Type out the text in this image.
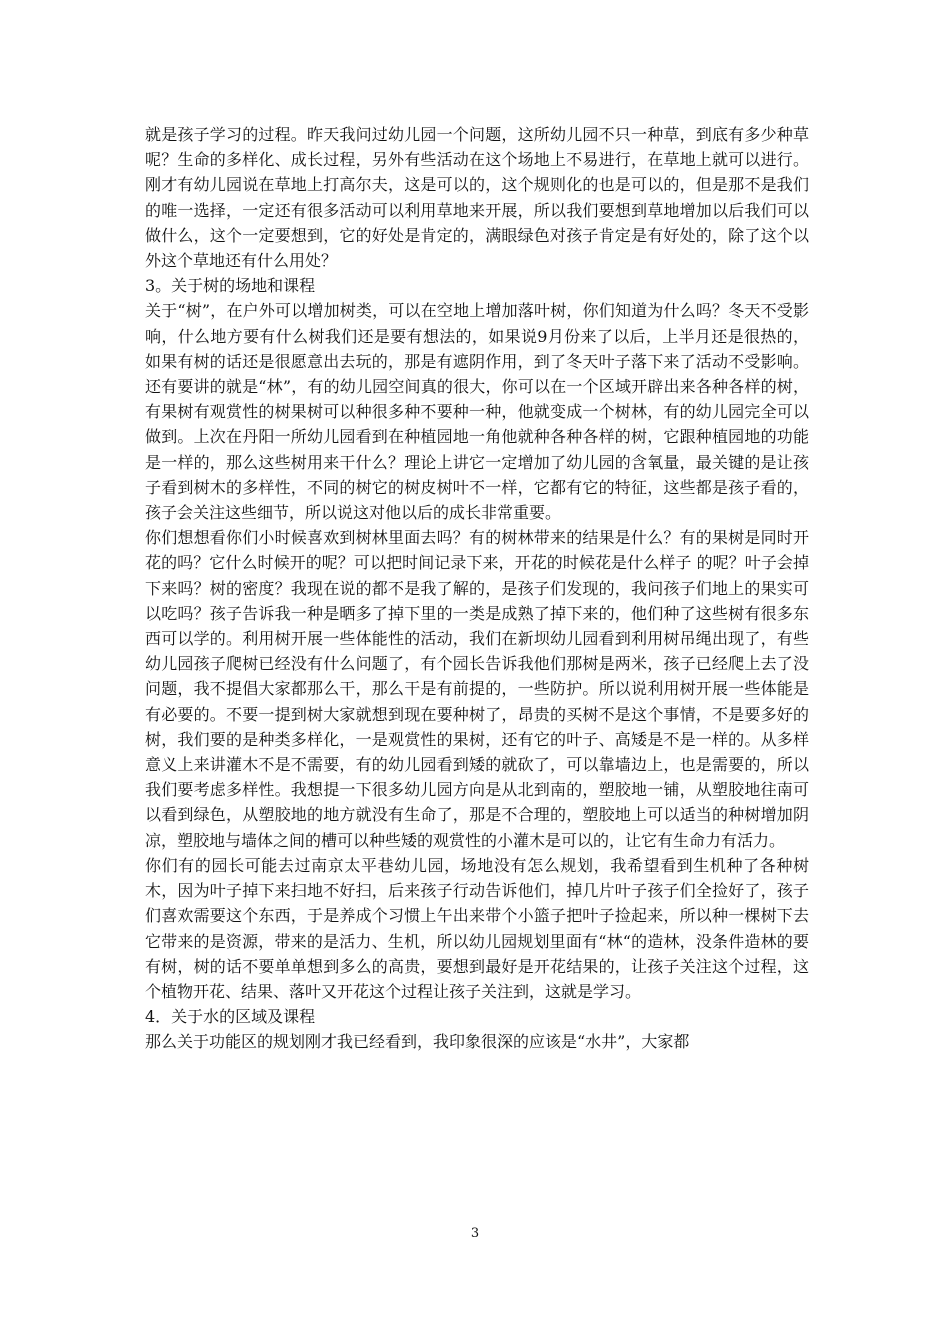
就是孩子学习的过程。昨天我问过幼儿园一个问题，这所幼儿园不只一种草，到底有多少种草呢？生命的多样化、成长过程，另外有些活动在这个场地上不易进行，在草地上就可以进行。刚才有幼儿园说在草地上打高尔夫，这是可以的，这个规则化的也是可以的，但是那不是我们的唯一选择，一定还有很多活动可以利用草地来开展，所以我们要想到草地增加以后我们可以做什么，这个一定要想到，它的好处是肯定的，满眼绿色对孩子肯定是有好处的，除了这个以外这个草地还有什么用处？

3。关于树的场地和课程

关于“树”，在户外可以增加树类，可以在空地上增加落叶树，你们知道为什么吗？冬天不受影响，什么地方要有什么树我们还是要有想法的，如果说9月份来了以后，上半月还是很热的，如果有树的话还是很愿意出去玩的，那是有遮阴作用，到了冬天叶子落下来了活动不受影响。还有要讲的就是“林”，有的幼儿园空间真的很大，你可以在一个区域开辟出来各种各样的树，有果树有观赏性的树果树可以种很多种不要种一种，他就变成一个树林，有的幼儿园完全可以做到。上次在丹阳一所幼儿园看到在种植园地一角他就种各种各样的树，它跟种植园地的功能是一样的，那么这些树用来干什么？理论上讲它一定增加了幼儿园的含氧量，最关键的是让孩子看到树木的多样性，不同的树它的树皮树叶不一样，它都有它的特征，这些都是孩子看的，孩子会关注这些细节，所以说这对他以后的成长非常重要。

你们想想看你们小时候喜欢到树林里面去吗？有的树林带来的结果是什么？有的果树是同时开花的吗？它什么时候开的呢？可以把时间记录下来，开花的时候花是什么样子 的呢？叶子会掉下来吗？树的密度？我现在说的都不是我了解的，是孩子们发现的，我问孩子们地上的果实可以吃吗？孩子告诉我一种是晒多了掉下里的一类是成熟了掉下来的，他们种了这些树有很多东西可以学的。利用树开展一些体能性的活动，我们在新坝幼儿园看到利用树吊绳出现了，有些幼儿园孩子爬树已经没有什么问题了，有个园长告诉我他们那树是两米，孩子已经爬上去了没问题，我不提倡大家都那么干，那么干是有前提的，一些防护。所以说利用树开展一些体能是有必要的。不要一提到树大家就想到现在要种树了，昂贵的买树不是这个事情，不是要多好的树，我们要的是种类多样化，一是观赏性的果树，还有它的叶子、高矮是不是一样的。从多样意义上来讲灌木不是不需要，有的幼儿园看到矮的就砍了，可以靠墙边上，也是需要的，所以我们要考虑多样性。我想提一下很多幼儿园方向是从北到南的，塑胶地一铺，从塑胶地往南可以看到绿色，从塑胶地的地方就没有生命了，那是不合理的，塑胶地上可以适当的种树增加阴凉，塑胶地与墙体之间的槽可以种些矮的观赏性的小灌木是可以的，让它有生命力有活力。

你们有的园长可能去过南京太平巷幼儿园，场地没有怎么规划，我希望看到生机种了各种树木，因为叶子掉下来扫地不好扫，后来孩子行动告诉他们，掉几片叶子孩子们全捡好了，孩子们喜欢需要这个东西，于是养成个习惯上午出来带个小篮子把叶子捡起来，所以种一棵树下去它带来的是资源，带来的是活力、生机，所以幼儿园规划里面有“林“的造林，没条件造林的要有树，树的话不要单单想到多么的高贵，要想到最好是开花结果的，让孩子关注这个过程，这个植物开花、结果、落叶又开花这个过程让孩子关注到，这就是学习。

4．关于水的区域及课程

那么关于功能区的规划刚才我已经看到，我印象很深的应该是“水井”，大家都

3
